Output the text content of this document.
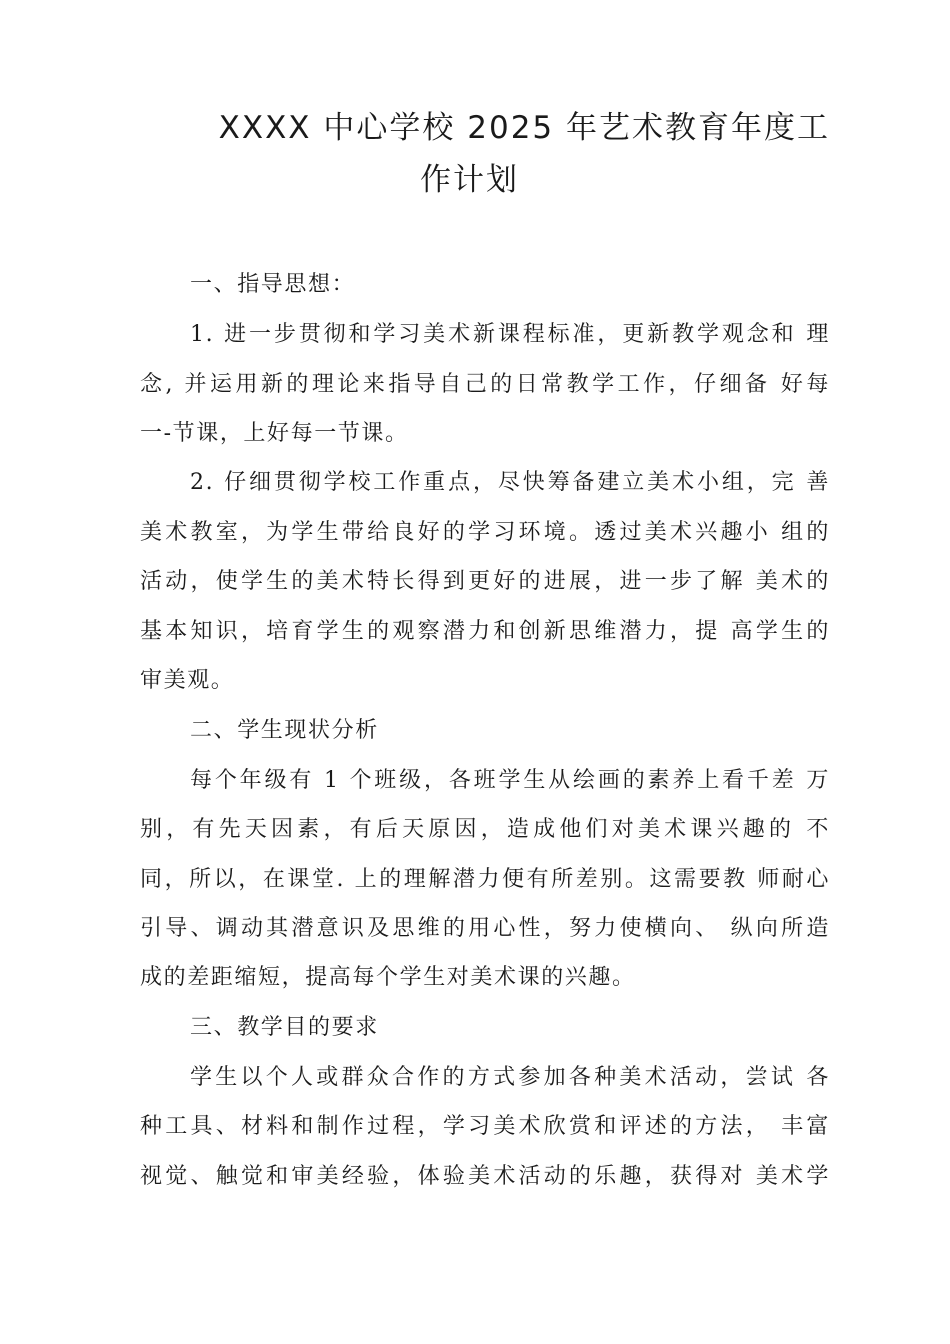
XXXX 中心学校 2025 年艺术教育年度工
作计划
一、指导思想：
1. 进一步贯彻和学习美术新课程标准，更新教学观念和 理
念, 并运用新的理论来指导自己的日常教学工作，仔细备 好每
一-节课，上好每一节课。
2. 仔细贯彻学校工作重点，尽快筹备建立美术小组，完 善
美术教室，为学生带给良好的学习环境。透过美术兴趣小 组的
活动，使学生的美术特长得到更好的进展，进一步了解 美术的
基本知识，培育学生的观察潜力和创新思维潜力，提 高学生的
审美观。
二、学生现状分析
每个年级有 1 个班级，各班学生从绘画的素养上看千差 万
别，有先天因素，有后天原因，造成他们对美术课兴趣的 不
同，所以，在课堂. 上的理解潜力便有所差别。这需要教 师耐心
引导、调动其潜意识及思维的用心性，努力使横向、 纵向所造
成的差距缩短，提高每个学生对美术课的兴趣。
三、教学目的要求
学生以个人或群众合作的方式参加各种美术活动，尝试 各
种工具、材料和制作过程，学习美术欣赏和评述的方法， 丰富
视觉、触觉和审美经验，体验美术活动的乐趣，获得对 美术学
